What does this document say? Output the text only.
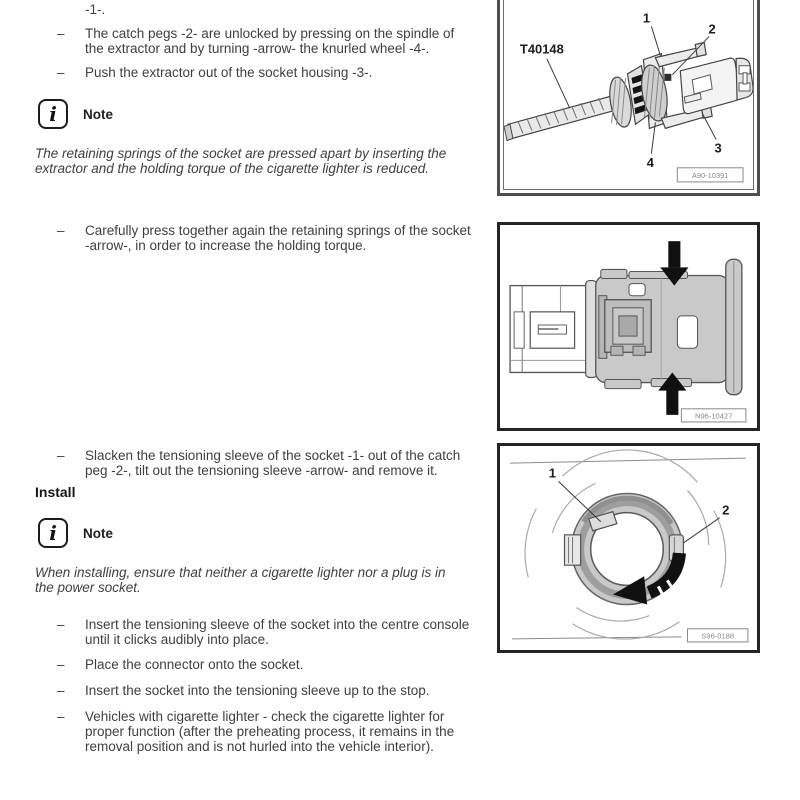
-1-.
–	The catch pegs -2- are unlocked by pressing on the spindle of the extractor and by turning -arrow- the knurled wheel -4-.
–	Push the extractor out of the socket housing -3-.
i	Note
The retaining springs of the socket are pressed apart by inserting the extractor and the holding torque of the cigarette lighter is reduced.
–	Carefully press together again the retaining springs of the socket -arrow-, in order to increase the holding torque.
–	Slacken the tensioning sleeve of the socket -1- out of the catch peg -2-, tilt out the tensioning sleeve -arrow- and remove it.
Install
i	Note
When installing, ensure that neither a cigarette lighter nor a plug is in the power socket.
–	Insert the tensioning sleeve of the socket into the centre console until it clicks audibly into place.
–	Place the connector onto the socket.
–	Insert the socket into the tensioning sleeve up to the stop.
–	Vehicles with cigarette lighter - check the cigarette lighter for proper function (after the preheating process, it remains in the removal position and is not hurled into the vehicle interior).
T40148
1
2
3
4
A90-10391
N96-10427
1
2
S96-0188
